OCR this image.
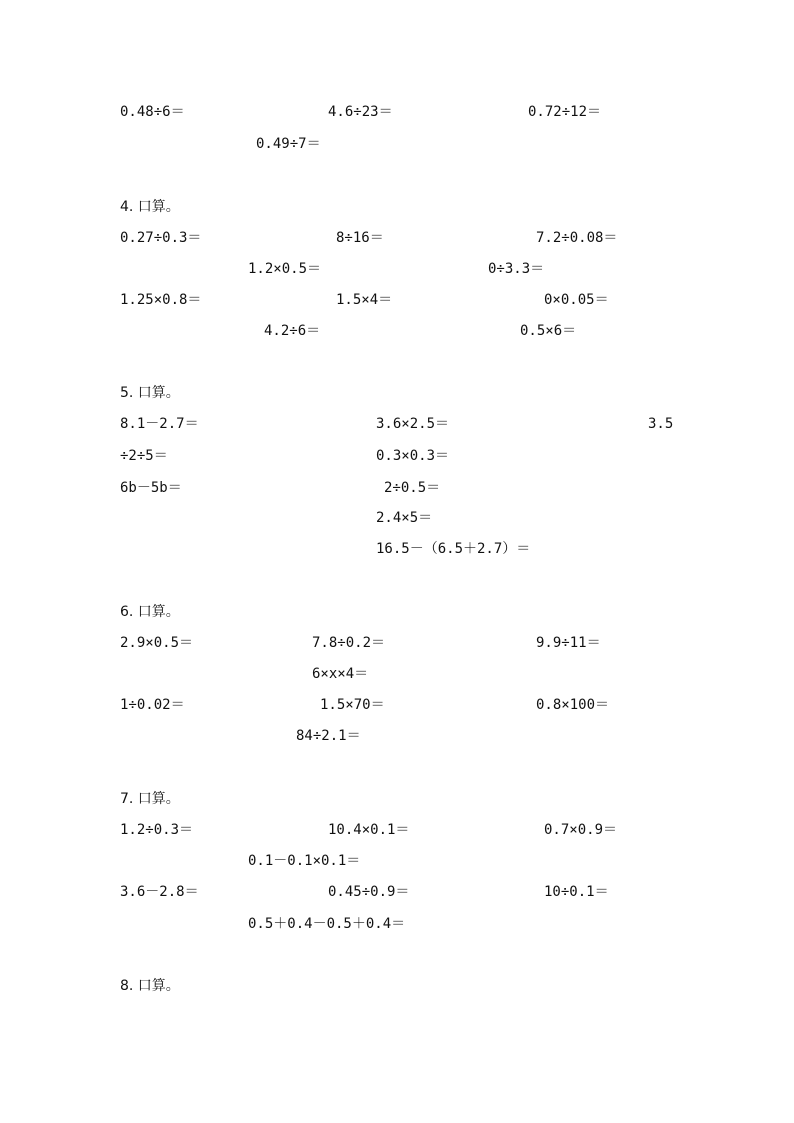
0.48÷6＝	4.6÷23＝	0.72÷12＝
0.49÷7＝
4. 口算。
0.27÷0.3＝	8÷16＝	7.2÷0.08＝
1.2×0.5＝	0÷3.3＝
1.25×0.8＝	1.5×4＝	0×0.05＝
4.2÷6＝	0.5×6＝
5. 口算。
8.1－2.7＝	3.6×2.5＝	3.5
÷2÷5＝	0.3×0.3＝
6b－5b＝	2÷0.5＝
2.4×5＝
16.5－（6.5＋2.7）＝
6. 口算。
2.9×0.5＝	7.8÷0.2＝	9.9÷11＝
6×x×4＝
1÷0.02＝	1.5×70＝	0.8×100＝
84÷2.1＝
7. 口算。
1.2÷0.3＝	10.4×0.1＝	0.7×0.9＝
0.1－0.1×0.1＝
3.6－2.8＝	0.45÷0.9＝	10÷0.1＝
0.5＋0.4－0.5＋0.4＝
8. 口算。
